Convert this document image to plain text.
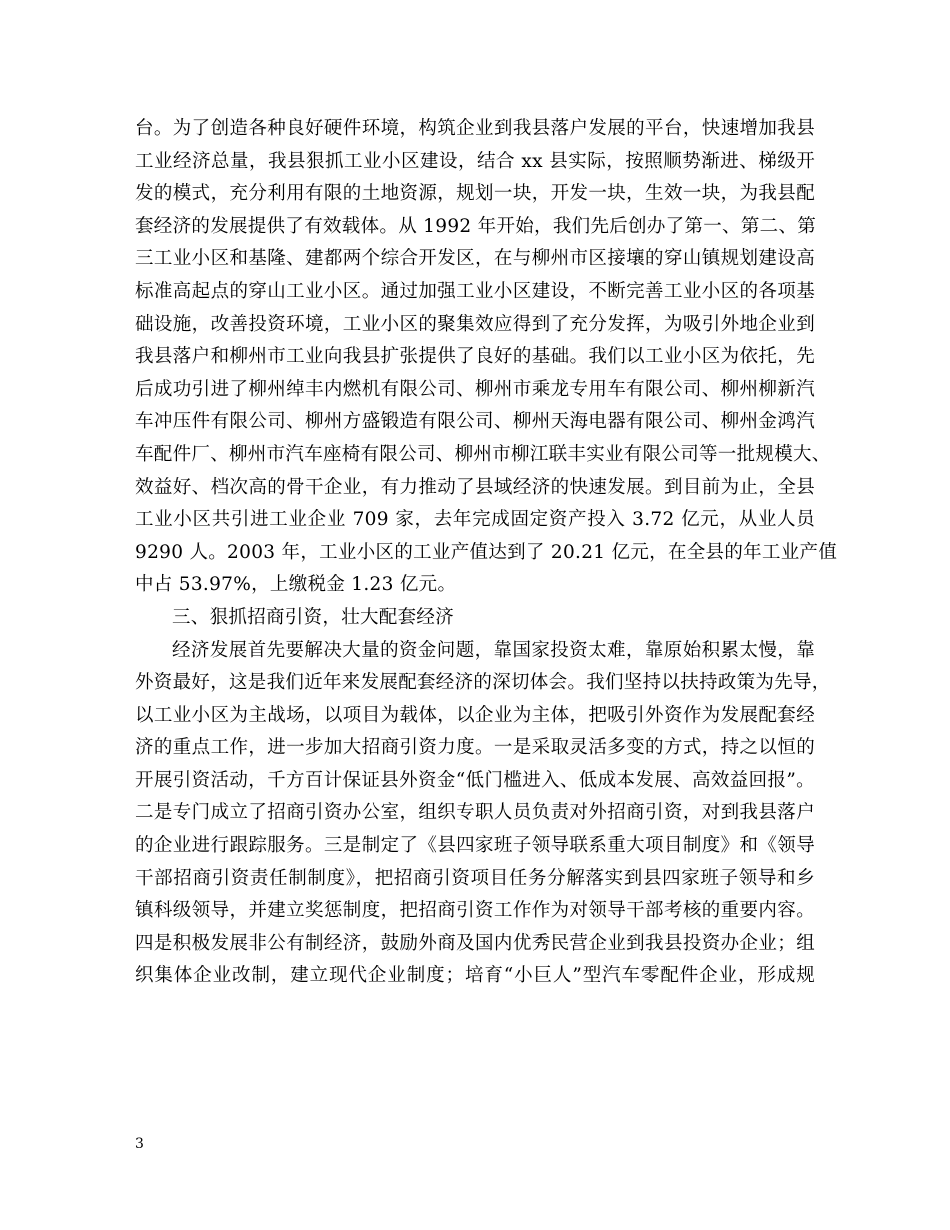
台。为了创造各种良好硬件环境，构筑企业到我县落户发展的平台，快速增加我县
工业经济总量，我县狠抓工业小区建设，结合 xx 县实际，按照顺势渐进、梯级开
发的模式，充分利用有限的土地资源，规划一块，开发一块，生效一块，为我县配
套经济的发展提供了有效载体。从 1992 年开始，我们先后创办了第一、第二、第
三工业小区和基隆、建都两个综合开发区，在与柳州市区接壤的穿山镇规划建设高
标准高起点的穿山工业小区。通过加强工业小区建设，不断完善工业小区的各项基
础设施，改善投资环境，工业小区的聚集效应得到了充分发挥，为吸引外地企业到
我县落户和柳州市工业向我县扩张提供了良好的基础。我们以工业小区为依托，先
后成功引进了柳州绰丰内燃机有限公司、柳州市乘龙专用车有限公司、柳州柳新汽
车冲压件有限公司、柳州方盛锻造有限公司、柳州天海电器有限公司、柳州金鸿汽
车配件厂、柳州市汽车座椅有限公司、柳州市柳江联丰实业有限公司等一批规模大、
效益好、档次高的骨干企业，有力推动了县域经济的快速发展。到目前为止，全县
工业小区共引进工业企业 709 家，去年完成固定资产投入 3.72 亿元，从业人员
9290 人。2003 年，工业小区的工业产值达到了 20.21 亿元，在全县的年工业产值
中占 53.97%，上缴税金 1.23 亿元。
三、狠抓招商引资，壮大配套经济
经济发展首先要解决大量的资金问题，靠国家投资太难，靠原始积累太慢，靠
外资最好，这是我们近年来发展配套经济的深切体会。我们坚持以扶持政策为先导，
以工业小区为主战场，以项目为载体，以企业为主体，把吸引外资作为发展配套经
济的重点工作，进一步加大招商引资力度。一是采取灵活多变的方式，持之以恒的
开展引资活动，千方百计保证县外资金“低门槛进入、低成本发展、高效益回报”。
二是专门成立了招商引资办公室，组织专职人员负责对外招商引资，对到我县落户
的企业进行跟踪服务。三是制定了《县四家班子领导联系重大项目制度》和《领导
干部招商引资责任制制度》，把招商引资项目任务分解落实到县四家班子领导和乡
镇科级领导，并建立奖惩制度，把招商引资工作作为对领导干部考核的重要内容。
四是积极发展非公有制经济，鼓励外商及国内优秀民营企业到我县投资办企业；组
织集体企业改制，建立现代企业制度；培育“小巨人”型汽车零配件企业，形成规
3
